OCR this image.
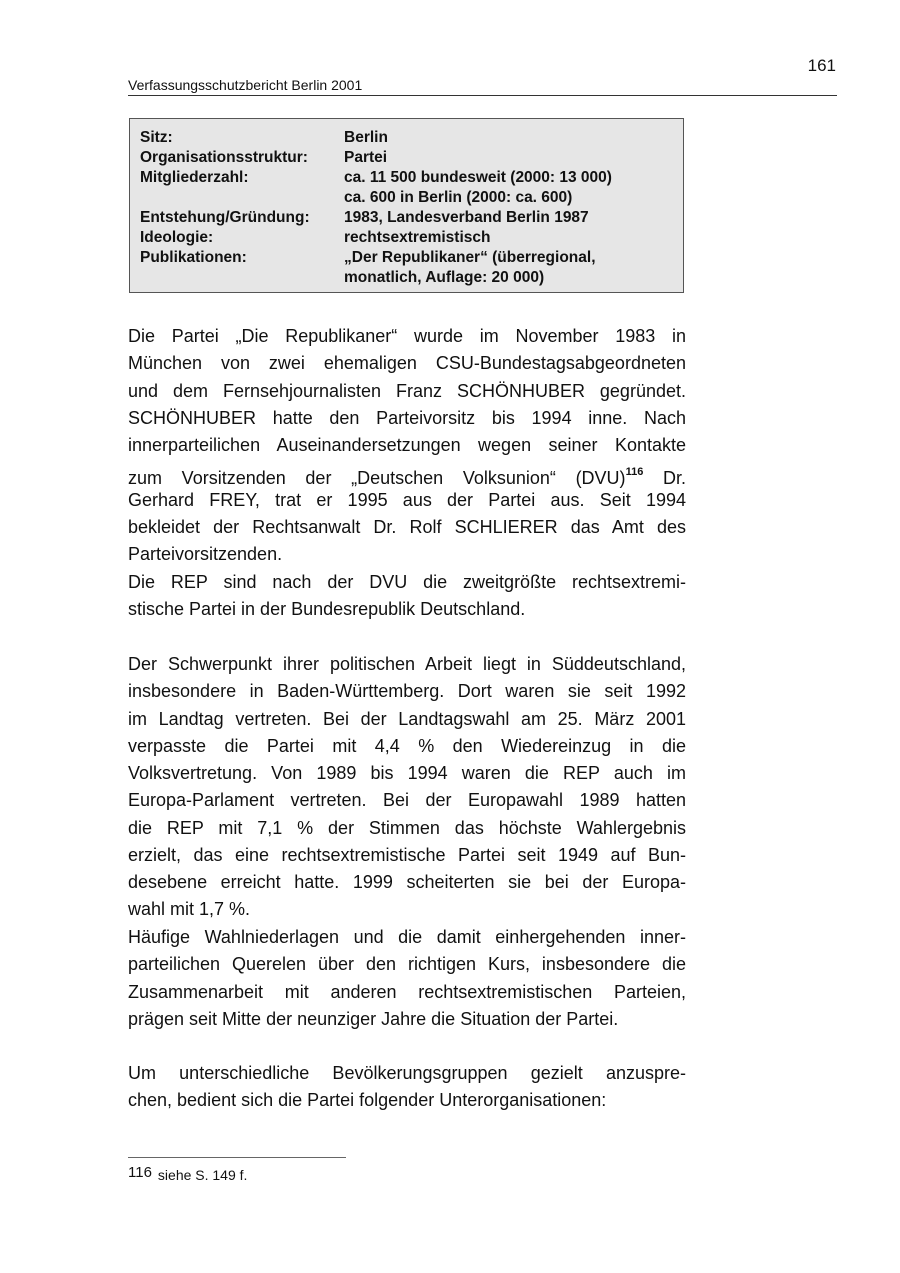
161
Verfassungsschutzbericht Berlin 2001
Sitz:	Berlin
Organisationsstruktur:	Partei
Mitgliederzahl:	ca. 11 500 bundesweit (2000: 13 000)
ca. 600 in Berlin (2000: ca. 600)
Entstehung/Gründung:	1983, Landesverband Berlin 1987
Ideologie:	rechtsextremistisch
Publikationen:	„Der Republikaner“ (überregional,
monatlich, Auflage: 20 000)
Die Partei „Die Republikaner“ wurde im November 1983 in
München von zwei ehemaligen CSU-Bundestagsabgeordneten
und dem Fernsehjournalisten Franz SCHÖNHUBER gegründet.
SCHÖNHUBER hatte den Parteivorsitz bis 1994 inne. Nach
innerparteilichen Auseinandersetzungen wegen seiner Kontakte
zum Vorsitzenden der „Deutschen Volksunion“ (DVU)$^{116}$ Dr.
Gerhard FREY, trat er 1995 aus der Partei aus. Seit 1994
bekleidet der Rechtsanwalt Dr. Rolf SCHLIERER das Amt des
Parteivorsitzenden.
Die REP sind nach der DVU die zweitgrößte rechtsextremi-
stische Partei in der Bundesrepublik Deutschland.
Der Schwerpunkt ihrer politischen Arbeit liegt in Süddeutschland,
insbesondere in Baden-Württemberg. Dort waren sie seit 1992
im Landtag vertreten. Bei der Landtagswahl am 25. März 2001
verpasste die Partei mit 4,4 % den Wiedereinzug in die
Volksvertretung. Von 1989 bis 1994 waren die REP auch im
Europa-Parlament vertreten. Bei der Europawahl 1989 hatten
die REP mit 7,1 % der Stimmen das höchste Wahlergebnis
erzielt, das eine rechtsextremistische Partei seit 1949 auf Bun-
desebene erreicht hatte. 1999 scheiterten sie bei der Europa-
wahl mit 1,7 %.
Häufige Wahlniederlagen und die damit einhergehenden inner-
parteilichen Querelen über den richtigen Kurs, insbesondere die
Zusammenarbeit mit anderen rechtsextremistischen Parteien,
prägen seit Mitte der neunziger Jahre die Situation der Partei.
Um unterschiedliche Bevölkerungsgruppen gezielt anzuspre-
chen, bedient sich die Partei folgender Unterorganisationen:
116 siehe S. 149 f.
